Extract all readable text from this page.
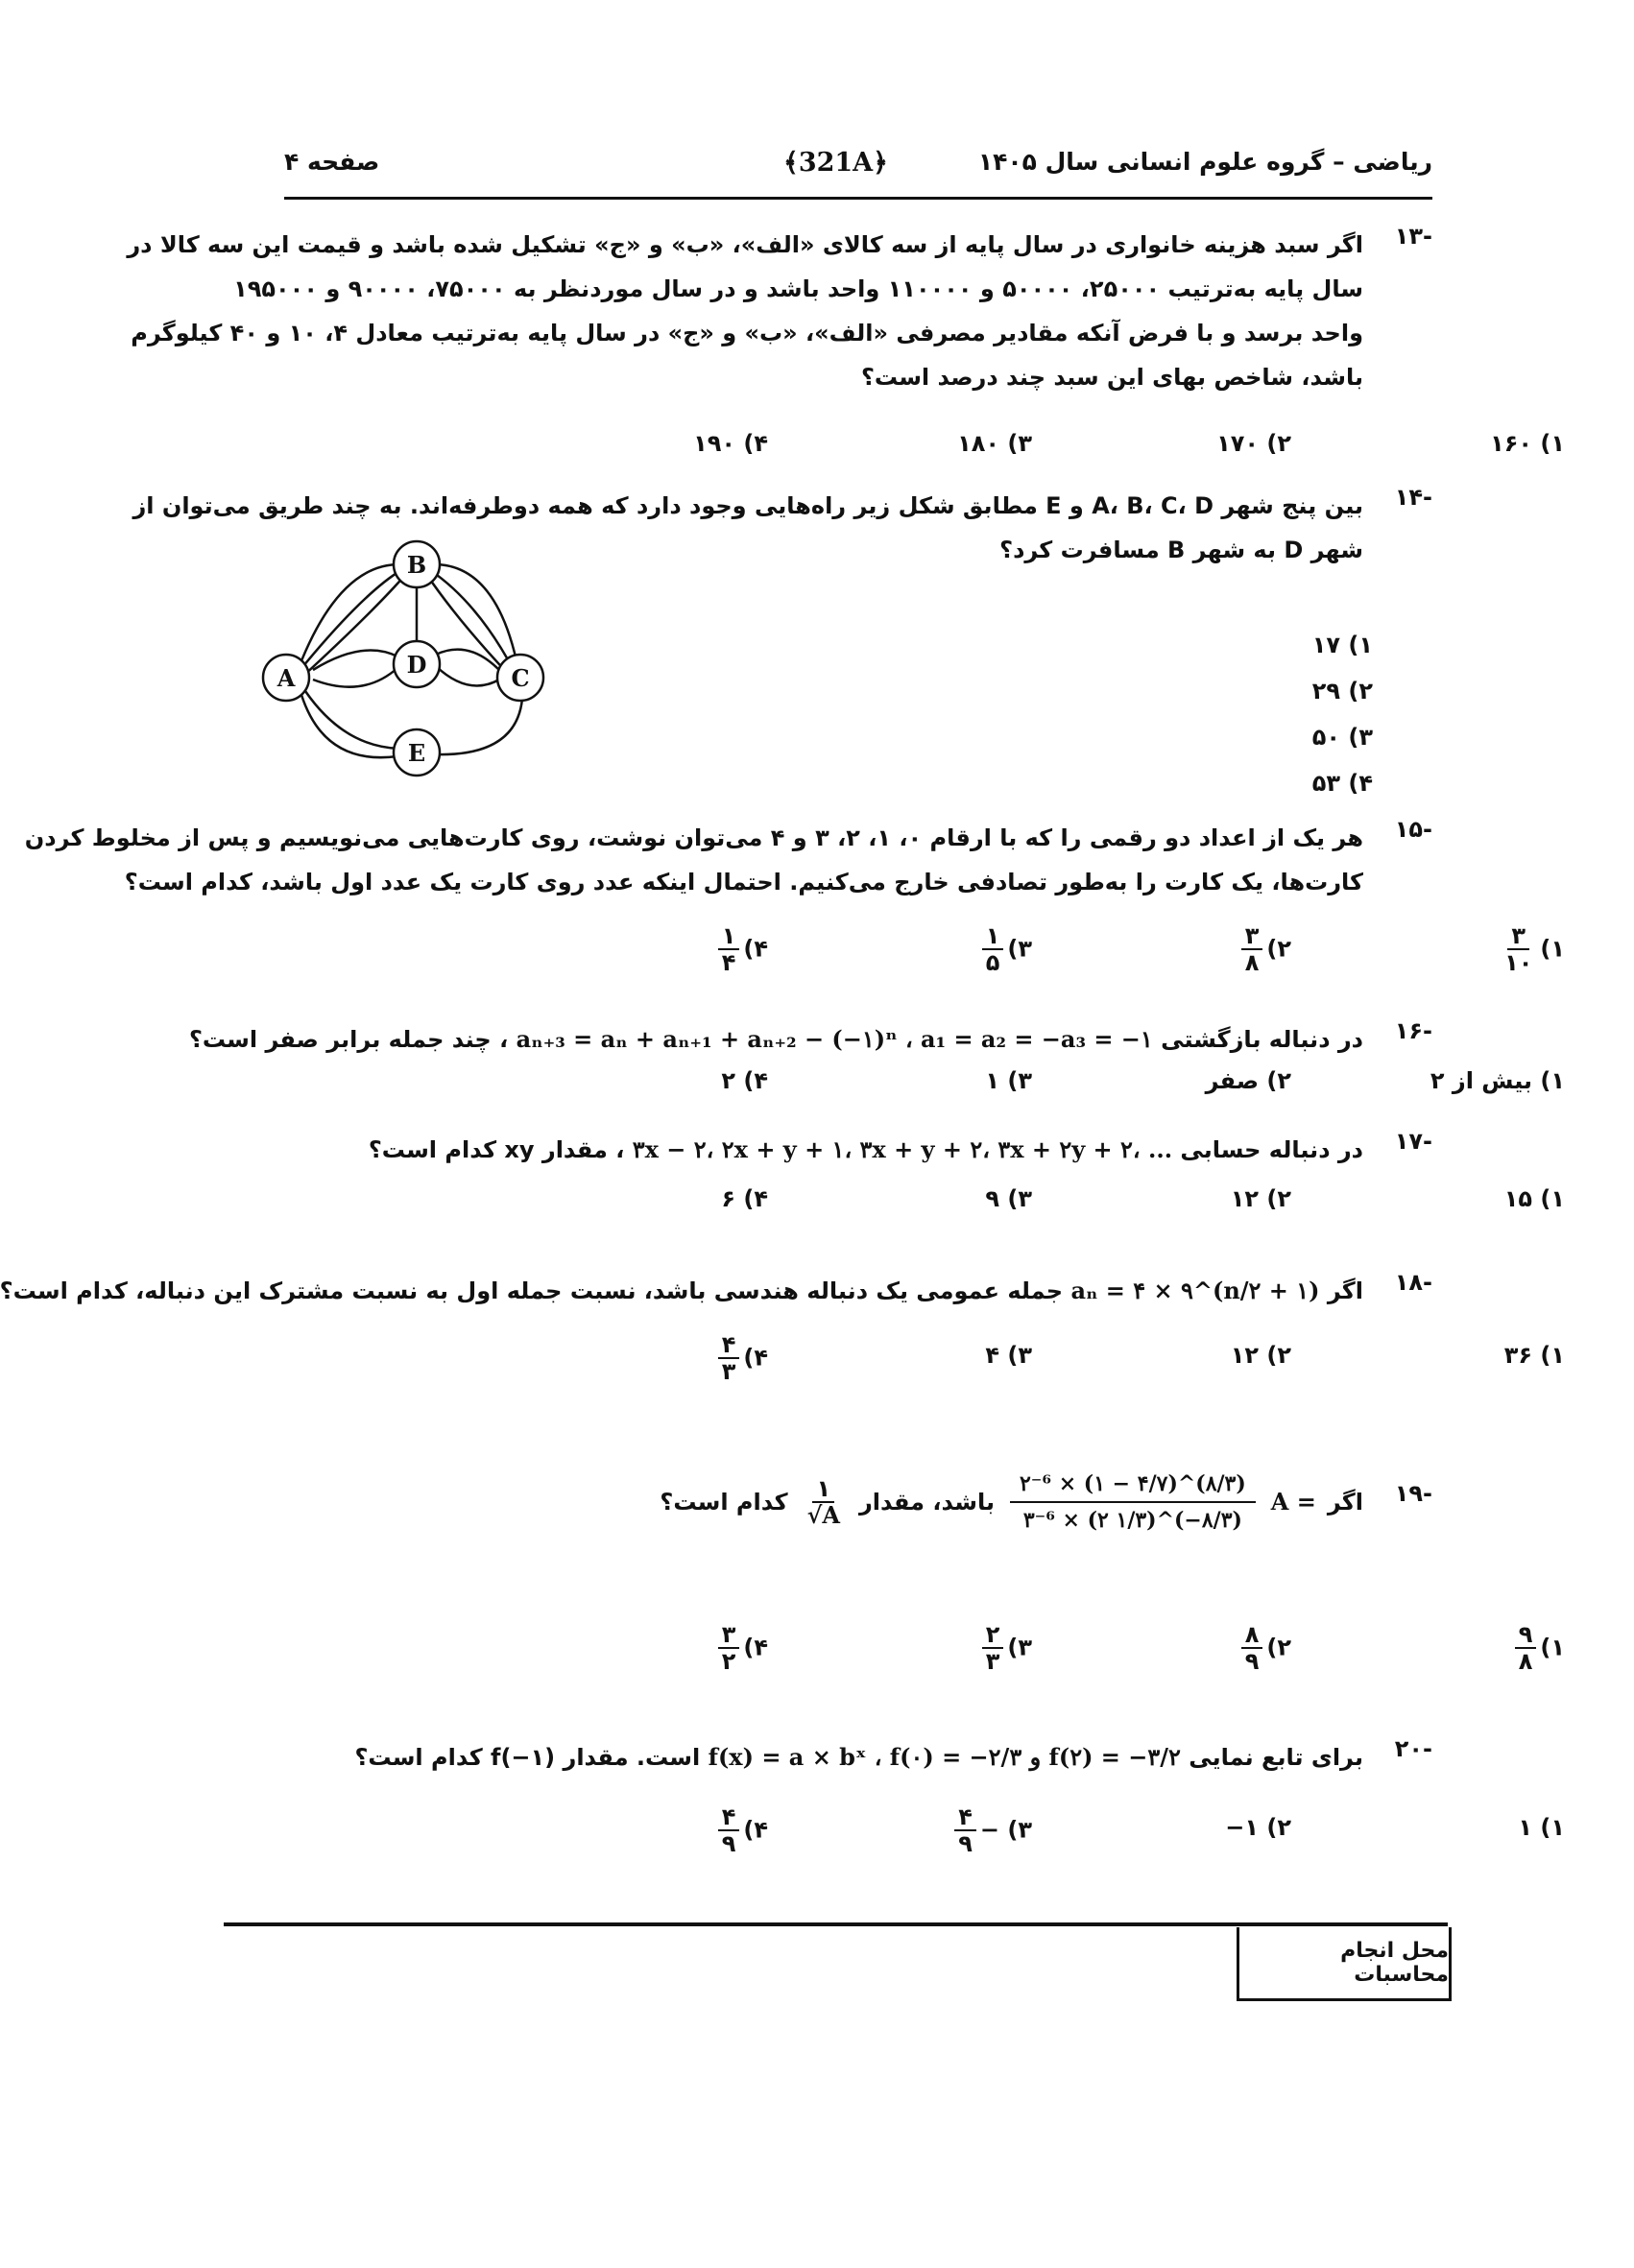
ریاضی – گروه علوم انسانی سال ۱۴۰۵
﴾321A﴿
صفحه ۴
-۱۳
اگر سبد هزینه خانواری در سال پایه از سه کالای «الف»، «ب» و «ج» تشکیل شده باشد و قیمت این سه کالا در
سال پایه به‌ترتیب ۲۵۰۰۰، ۵۰۰۰۰ و ۱۱۰۰۰۰ واحد باشد و در سال موردنظر به ۷۵۰۰۰، ۹۰۰۰۰ و ۱۹۵۰۰۰
واحد برسد و با فرض آنکه مقادیر مصرفی «الف»، «ب» و «ج» در سال پایه به‌ترتیب معادل ۴، ۱۰ و ۴۰ کیلوگرم
باشد، شاخص بهای این سبد چند درصد است؟
۱) ۱۶۰
۲) ۱۷۰
۳) ۱۸۰
۴) ۱۹۰
-۱۴
بین پنج شهر A، B، C، D و E مطابق شکل زیر راه‌هایی وجود دارد که همه دوطرفه‌اند. به چند طریق می‌توان از
شهر D به شهر B مسافرت کرد؟
۱) ۱۷
۲) ۲۹
۳) ۵۰
۴) ۵۳
B
A	D	C
E
-۱۵
هر یک از اعداد دو رقمی را که با ارقام ۰، ۱، ۲، ۳ و ۴ می‌توان نوشت، روی کارت‌هایی می‌نویسیم و پس از مخلوط کردن
کارت‌ها، یک کارت را به‌طور تصادفی خارج می‌کنیم. احتمال اینکه عدد روی کارت یک عدد اول باشد، کدام است؟
۱)
$\frac{۳}{۱۰}$
۲)
$\frac{۳}{۸}$
۳)
$\frac{۱}{۵}$
۴)
$\frac{۱}{۴}$
-۱۶
در دنباله بازگشتی aₙ₊₃ = aₙ + aₙ₊₁ + aₙ₊₂ − (−۱)ⁿ ، a₁ = a₂ = −a₃ = −۱ ، چند جمله برابر صفر است؟
۱) بیش از ۲
۲) صفر
۳) ۱
۴) ۲
-۱۷
در دنباله حسابی ۳x − ۲، ۲x + y + ۱، ۳x + y + ۲، ۳x + ۲y + ۲، ... ، مقدار xy کدام است؟
۱) ۱۵
۲) ۱۲
۳) ۹
۴) ۶
-۱۸
اگر aₙ = ۴ × ۹^(n/۲ + ۱) جمله عمومی یک دنباله هندسی باشد، نسبت جمله اول به نسبت مشترک این دنباله، کدام است؟
۱) ۳۶
۲) ۱۲
۳) ۴
۴)
$\frac{۴}{۳}$
-۱۹
اگر
A =
$\frac{\text{۲⁻⁶ × (۱ − ۴/۷)\textasciicircum{}(۸/۳)}}{\text{۳⁻⁶ × (۲ ۱/۳)\textasciicircum{}(−۸/۳)}}$
باشد، مقدار
$\frac{۱}{√A}$
کدام است؟
۱)
$\frac{۹}{۸}$
۲)
$\frac{۸}{۹}$
۳)
$\frac{۲}{۳}$
۴)
$\frac{۳}{۲}$
-۲۰
برای تابع نمایی f(x) = a × bˣ ، f(۰) = −۲/۳ و f(۲) = −۳/۲ است. مقدار f(−۱) کدام است؟
۱) ۱
۲) ۱−
۳) −
$\frac{۴}{۹}$
۴)
$\frac{۴}{۹}$
محل انجام محاسبات
